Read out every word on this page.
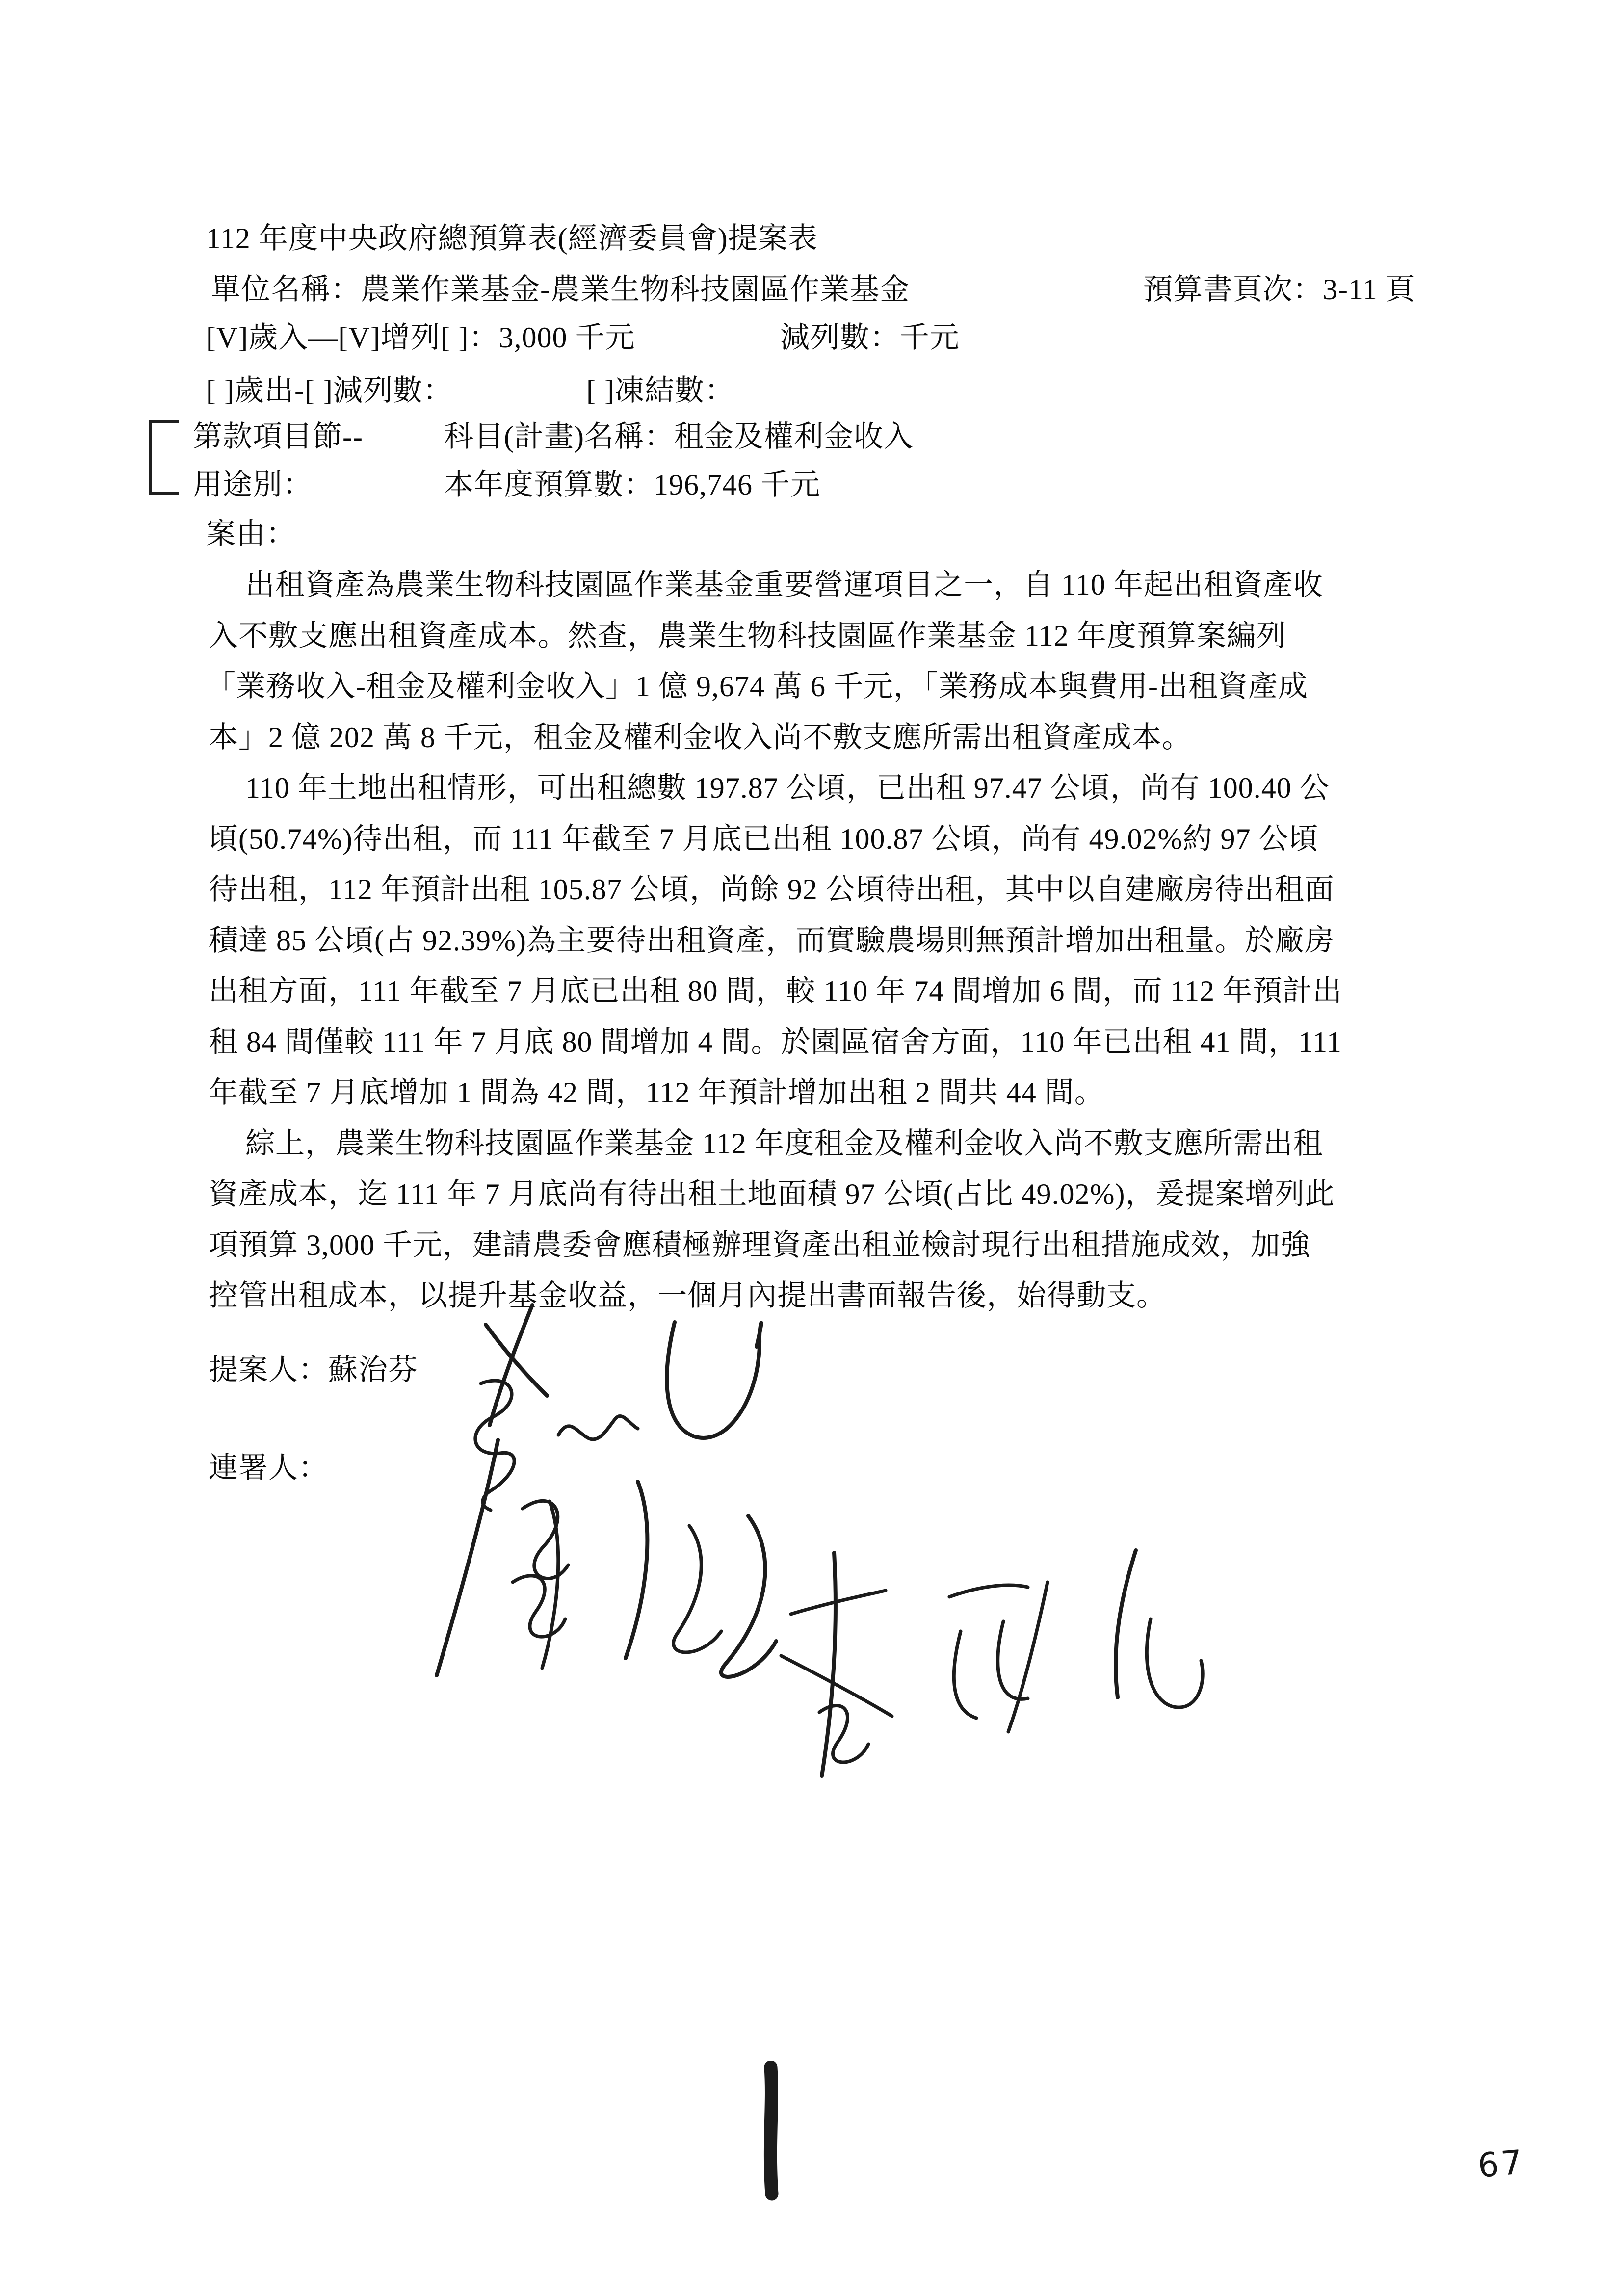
112 年度中央政府總預算表(經濟委員會)提案表
單位名稱：農業作業基金-農業生物科技園區作業基金	預算書頁次：3-11 頁
[V]歲入—[V]增列[ ]：3,000 千元	減列數：千元
[ ]歲出-[ ]減列數：	[ ]凍結數：
第款項目節--	科目(計畫)名稱：租金及權利金收入
用途別：	本年度預算數：196,746 千元
案由：
出租資產為農業生物科技園區作業基金重要營運項目之一，自 110 年起出租資產收
入不敷支應出租資產成本。然查，農業生物科技園區作業基金 112 年度預算案編列
「業務收入-租金及權利金收入」1 億 9,674 萬 6 千元，「業務成本與費用-出租資產成
本」2 億 202 萬 8 千元，租金及權利金收入尚不敷支應所需出租資產成本。
110 年土地出租情形，可出租總數 197.87 公頃，已出租 97.47 公頃，尚有 100.40 公
頃(50.74%)待出租，而 111 年截至 7 月底已出租 100.87 公頃，尚有 49.02%約 97 公頃
待出租，112 年預計出租 105.87 公頃，尚餘 92 公頃待出租，其中以自建廠房待出租面
積達 85 公頃(占 92.39%)為主要待出租資產，而實驗農場則無預計增加出租量。於廠房
出租方面，111 年截至 7 月底已出租 80 間，較 110 年 74 間增加 6 間，而 112 年預計出
租 84 間僅較 111 年 7 月底 80 間增加 4 間。於園區宿舍方面，110 年已出租 41 間，111
年截至 7 月底增加 1 間為 42 間，112 年預計增加出租 2 間共 44 間。
綜上，農業生物科技園區作業基金 112 年度租金及權利金收入尚不敷支應所需出租
資產成本，迄 111 年 7 月底尚有待出租土地面積 97 公頃(占比 49.02%)，爰提案增列此
項預算 3,000 千元，建請農委會應積極辦理資產出租並檢討現行出租措施成效，加強
控管出租成本，以提升基金收益，一個月內提出書面報告後，始得動支。
提案人：蘇治芬
連署人：
67
